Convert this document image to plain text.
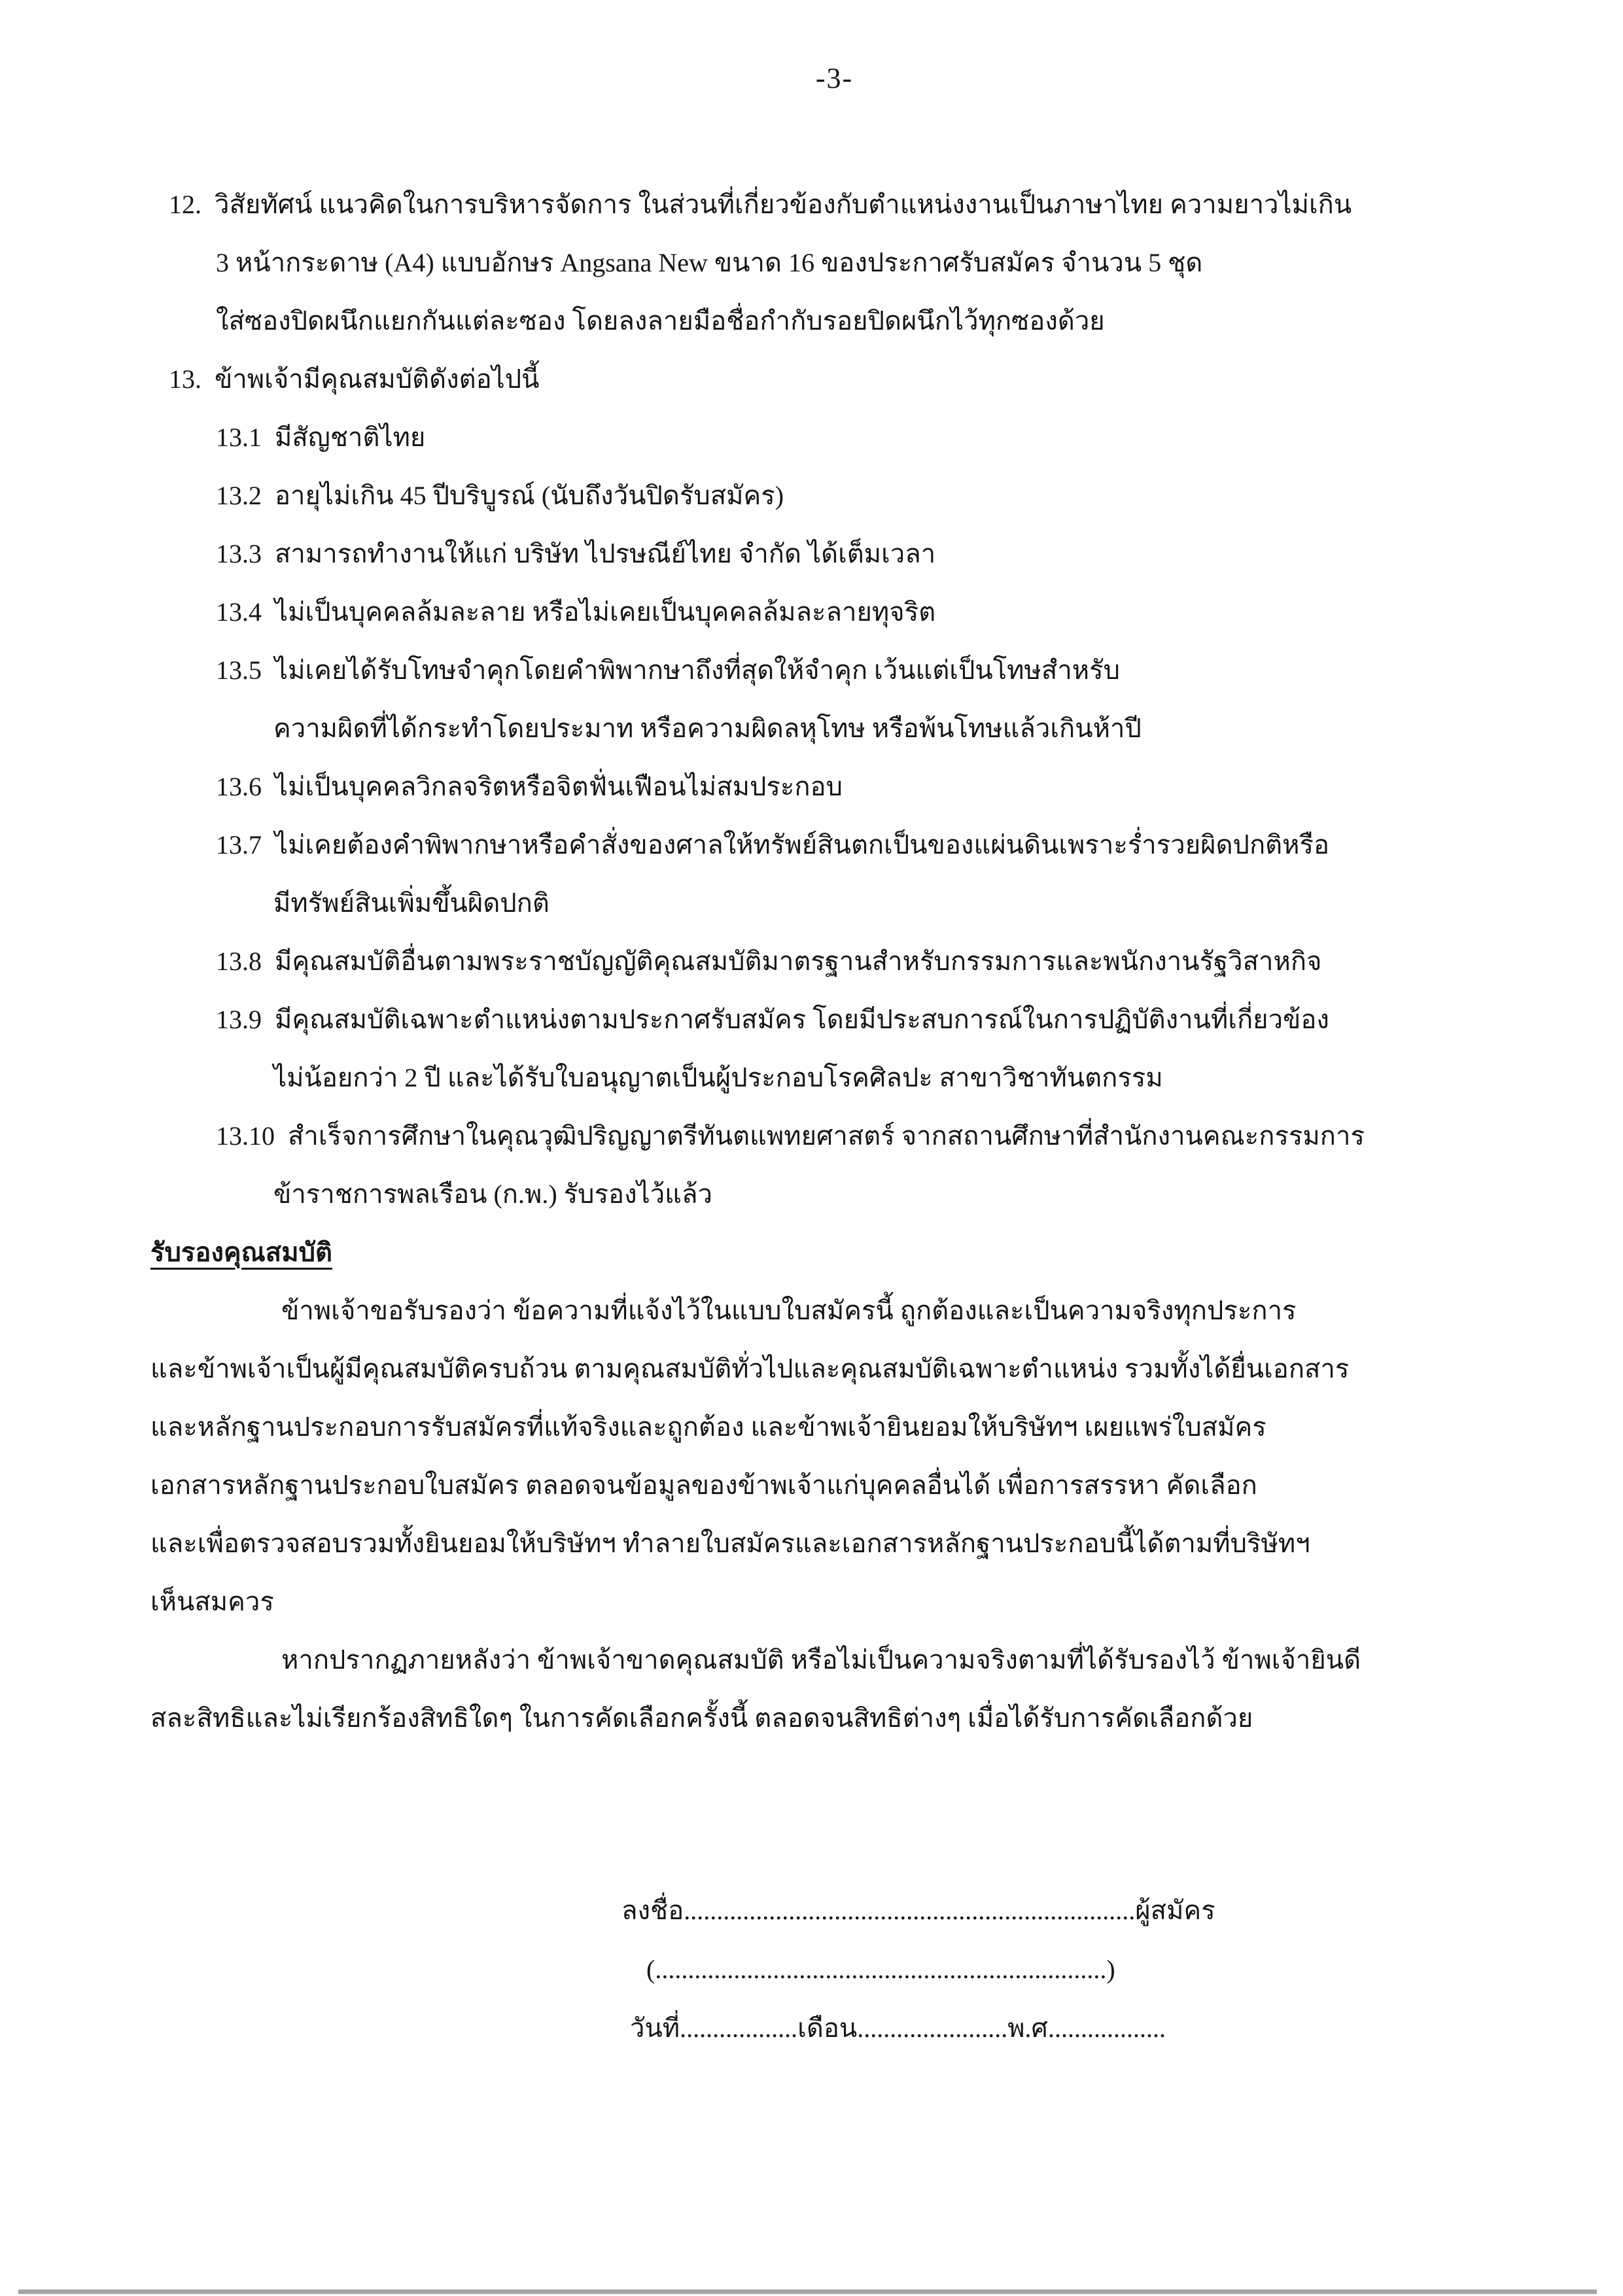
-3-
12. วิสัยทัศน์ แนวคิดในการบริหารจัดการ ในส่วนที่เกี่ยวข้องกับตำแหน่งงานเป็นภาษาไทย ความยาวไม่เกิน
3 หน้ากระดาษ (A4) แบบอักษร Angsana New ขนาด 16 ของประกาศรับสมัคร จำนวน 5 ชุด
ใส่ซองปิดผนึกแยกกันแต่ละซอง โดยลงลายมือชื่อกำกับรอยปิดผนึกไว้ทุกซองด้วย
13. ข้าพเจ้ามีคุณสมบัติดังต่อไปนี้
13.1 มีสัญชาติไทย
13.2 อายุไม่เกิน 45 ปีบริบูรณ์ (นับถึงวันปิดรับสมัคร)
13.3 สามารถทำงานให้แก่ บริษัท ไปรษณีย์ไทย จำกัด ได้เต็มเวลา
13.4 ไม่เป็นบุคคลล้มละลาย หรือไม่เคยเป็นบุคคลล้มละลายทุจริต
13.5 ไม่เคยได้รับโทษจำคุกโดยคำพิพากษาถึงที่สุดให้จำคุก เว้นแต่เป็นโทษสำหรับ
ความผิดที่ได้กระทำโดยประมาท หรือความผิดลหุโทษ หรือพ้นโทษแล้วเกินห้าปี
13.6 ไม่เป็นบุคคลวิกลจริตหรือจิตฟั่นเฟือนไม่สมประกอบ
13.7 ไม่เคยต้องคำพิพากษาหรือคำสั่งของศาลให้ทรัพย์สินตกเป็นของแผ่นดินเพราะร่ำรวยผิดปกติหรือ
มีทรัพย์สินเพิ่มขึ้นผิดปกติ
13.8 มีคุณสมบัติอื่นตามพระราชบัญญัติคุณสมบัติมาตรฐานสำหรับกรรมการและพนักงานรัฐวิสาหกิจ
13.9 มีคุณสมบัติเฉพาะตำแหน่งตามประกาศรับสมัคร โดยมีประสบการณ์ในการปฏิบัติงานที่เกี่ยวข้อง
ไม่น้อยกว่า 2 ปี และได้รับใบอนุญาตเป็นผู้ประกอบโรคศิลปะ สาขาวิชาทันตกรรม
13.10 สำเร็จการศึกษาในคุณวุฒิปริญญาตรีทันตแพทยศาสตร์ จากสถานศึกษาที่สำนักงานคณะกรรมการ
ข้าราชการพลเรือน (ก.พ.) รับรองไว้แล้ว
รับรองคุณสมบัติ
ข้าพเจ้าขอรับรองว่า ข้อความที่แจ้งไว้ในแบบใบสมัครนี้ ถูกต้องและเป็นความจริงทุกประการ
และข้าพเจ้าเป็นผู้มีคุณสมบัติครบถ้วน ตามคุณสมบัติทั่วไปและคุณสมบัติเฉพาะตำแหน่ง รวมทั้งได้ยื่นเอกสาร
และหลักฐานประกอบการรับสมัครที่แท้จริงและถูกต้อง และข้าพเจ้ายินยอมให้บริษัทฯ เผยแพร่ใบสมัคร
เอกสารหลักฐานประกอบใบสมัคร ตลอดจนข้อมูลของข้าพเจ้าแก่บุคคลอื่นได้ เพื่อการสรรหา คัดเลือก
และเพื่อตรวจสอบรวมทั้งยินยอมให้บริษัทฯ ทำลายใบสมัครและเอกสารหลักฐานประกอบนี้ได้ตามที่บริษัทฯ
เห็นสมควร
หากปรากฏภายหลังว่า ข้าพเจ้าขาดคุณสมบัติ หรือไม่เป็นความจริงตามที่ได้รับรองไว้ ข้าพเจ้ายินดี
สละสิทธิและไม่เรียกร้องสิทธิใดๆ ในการคัดเลือกครั้งนี้ ตลอดจนสิทธิต่างๆ เมื่อได้รับการคัดเลือกด้วย
ลงชื่อ.....................................................................ผู้สมัคร
(.....................................................................)
วันที่..................เดือน.......................พ.ศ..................
